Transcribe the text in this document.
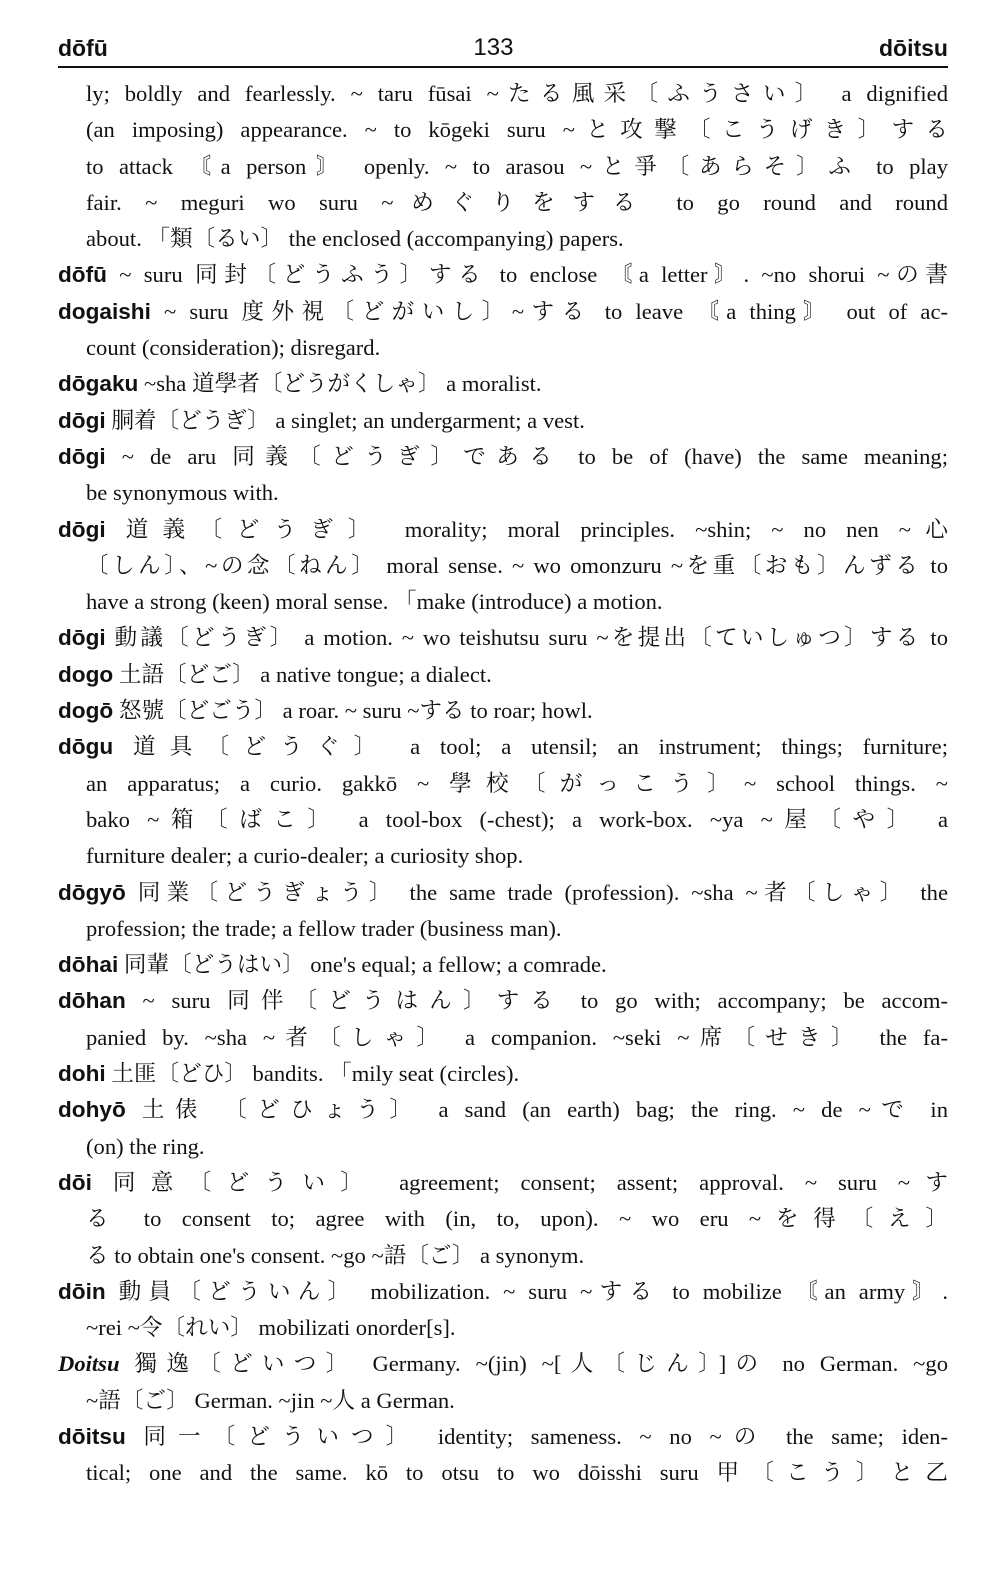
dōfū	133	dōitsu
ly; boldly and fearlessly. ~ taru fūsai ~たる風采〔ふうさい〕 a dignified
(an imposing) appearance. ~ to kōgeki suru ~と攻撃〔こうげき〕する
to attack 〘a person〙 openly. ~ to arasou ~と爭〔あらそ〕ふ to play
fair. ~ meguri wo suru ~めぐりをする to go round and round
about. 「類〔るい〕 the enclosed (accompanying) papers.
dōfū ~ suru 同封〔どうふう〕する to enclose 〘a letter〙. ~no shorui ~の書
dogaishi ~ suru 度外視〔どがいし〕~する to leave 〘a thing〙 out of ac-
count (consideration); disregard.
dōgaku ~sha 道學者〔どうがくしゃ〕 a moralist.
dōgi 胴着〔どうぎ〕 a singlet; an undergarment; a vest.
dōgi ~ de aru 同義〔どうぎ〕である to be of (have) the same meaning;
be synonymous with.
dōgi 道義〔どうぎ〕 morality; moral principles. ~shin; ~ no nen ~心
〔しん〕、~の念〔ねん〕 moral sense. ~ wo omonzuru ~を重〔おも〕んずる to
have a strong (keen) moral sense. 「make (introduce) a motion.
dōgi 動議〔どうぎ〕 a motion. ~ wo teishutsu suru ~を提出〔ていしゅつ〕する to
dogo 土語〔どご〕 a native tongue; a dialect.
dogō 怒號〔どごう〕 a roar. ~ suru ~する to roar; howl.
dōgu 道具〔どうぐ〕 a tool; a utensil; an instrument; things; furniture;
an apparatus; a curio. gakkō ~ 學校〔がっこう〕~ school things. ~
bako ~箱〔ばこ〕 a tool-box (-chest); a work-box. ~ya ~屋〔や〕 a
furniture dealer; a curio-dealer; a curiosity shop.
dōgyō 同業〔どうぎょう〕 the same trade (profession). ~sha ~者〔しゃ〕 the
profession; the trade; a fellow trader (business man).
dōhai 同輩〔どうはい〕 one's equal; a fellow; a comrade.
dōhan ~ suru 同伴〔どうはん〕する to go with; accompany; be accom-
panied by. ~sha ~者〔しゃ〕 a companion. ~seki ~席〔せき〕 the fa-
dohi 土匪〔どひ〕 bandits. 「mily seat (circles).
dohyō 土俵 〔どひょう〕 a sand (an earth) bag; the ring. ~ de ~で in
(on) the ring.
dōi 同意〔どうい〕 agreement; consent; assent; approval. ~ suru ~す
る to consent to; agree with (in, to, upon). ~ wo eru ~を得〔え〕
る to obtain one's consent. ~go ~語〔ご〕 a synonym.
dōin 動員〔どういん〕 mobilization. ~ suru ~する to mobilize 〘an army〙.
~rei ~令〔れい〕 mobilizati onorder[s].
Doitsu 獨逸〔どいつ〕 Germany. ~(jin) ~[人〔じん〕]の no German. ~go
~語〔ご〕 German. ~jin ~人 a German.
dōitsu 同一〔どういつ〕 identity; sameness. ~ no ~の the same; iden-
tical; one and the same. kō to otsu to wo dōisshi suru 甲〔こう〕と乙
